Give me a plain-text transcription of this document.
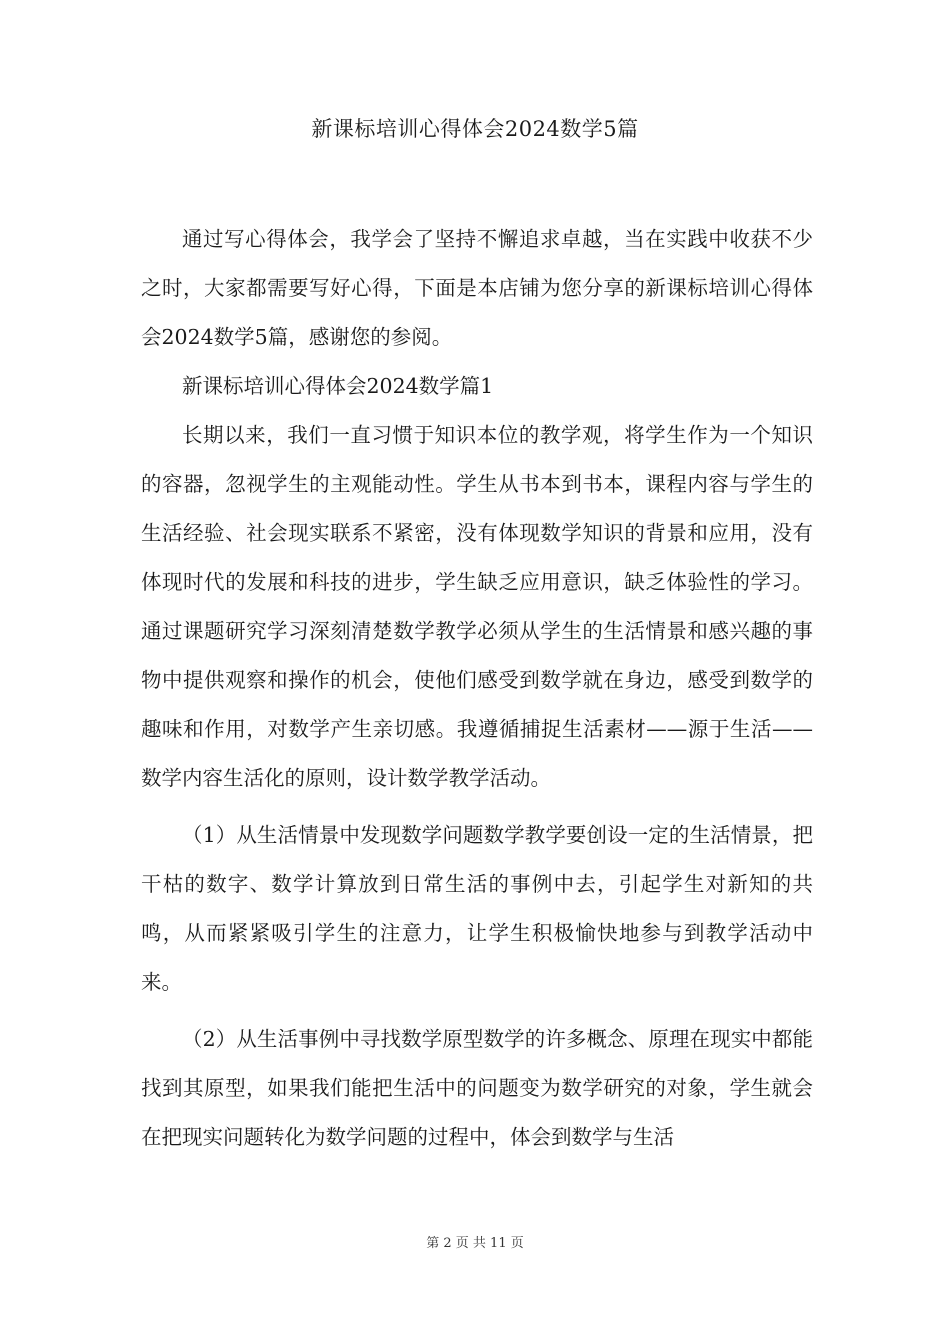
新课标培训心得体会2024数学5篇

通过写心得体会，我学会了坚持不懈追求卓越，当在实践中收获不少之时，大家都需要写好心得，下面是本店铺为您分享的新课标培训心得体会2024数学5篇，感谢您的参阅。

新课标培训心得体会2024数学篇1

长期以来，我们一直习惯于知识本位的教学观，将学生作为一个知识的容器，忽视学生的主观能动性。学生从书本到书本，课程内容与学生的生活经验、社会现实联系不紧密，没有体现数学知识的背景和应用，没有体现时代的发展和科技的进步，学生缺乏应用意识，缺乏体验性的学习。通过课题研究学习深刻清楚数学教学必须从学生的生活情景和感兴趣的事物中提供观察和操作的机会，使他们感受到数学就在身边，感受到数学的趣味和作用，对数学产生亲切感。我遵循捕捉生活素材——源于生活——数学内容生活化的原则，设计数学教学活动。

（1）从生活情景中发现数学问题数学教学要创设一定的生活情景，把干枯的数字、数学计算放到日常生活的事例中去，引起学生对新知的共鸣，从而紧紧吸引学生的注意力，让学生积极愉快地参与到教学活动中来。

（2）从生活事例中寻找数学原型数学的许多概念、原理在现实中都能找到其原型，如果我们能把生活中的问题变为数学研究的对象，学生就会在把现实问题转化为数学问题的过程中，体会到数学与生活

第 2 页 共 11 页
